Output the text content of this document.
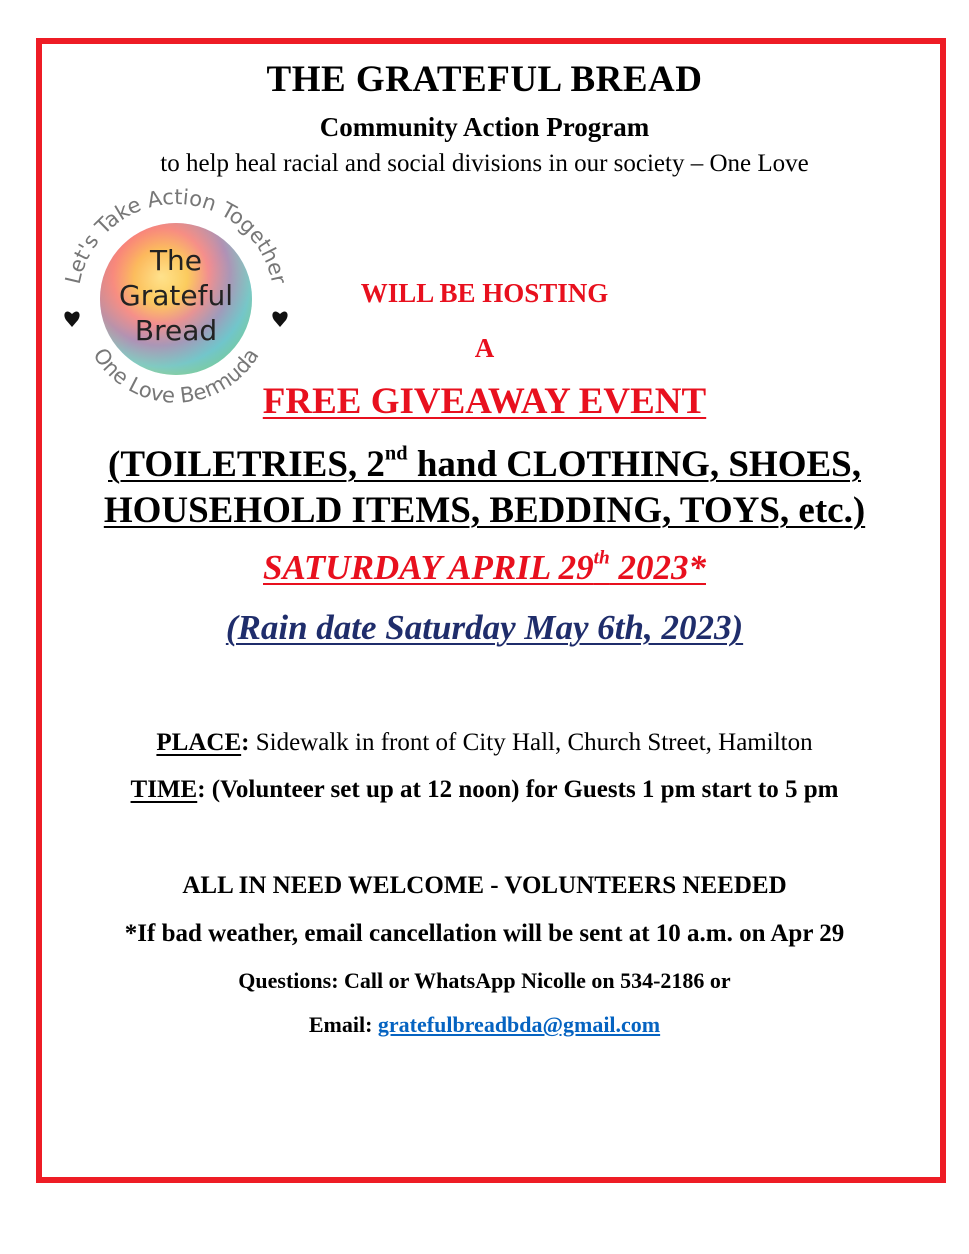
THE GRATEFUL BREAD
Community Action Program
to help heal racial and social divisions in our society – One Love
Let's Take Action Together
One Love Bermuda
The
Grateful
Bread
WILL BE HOSTING
A
FREE GIVEAWAY EVENT
(TOILETRIES, 2nd hand CLOTHING, SHOES,
HOUSEHOLD ITEMS, BEDDING, TOYS, etc.)
SATURDAY APRIL 29th 2023*
(Rain date Saturday May 6th, 2023)
PLACE: Sidewalk in front of City Hall, Church Street, Hamilton
TIME: (Volunteer set up at 12 noon) for Guests 1 pm start to 5 pm
ALL IN NEED WELCOME - VOLUNTEERS NEEDED
*If bad weather, email cancellation will be sent at 10 a.m. on Apr 29
Questions: Call or WhatsApp Nicolle on 534-2186 or
Email: gratefulbreadbda@gmail.com
